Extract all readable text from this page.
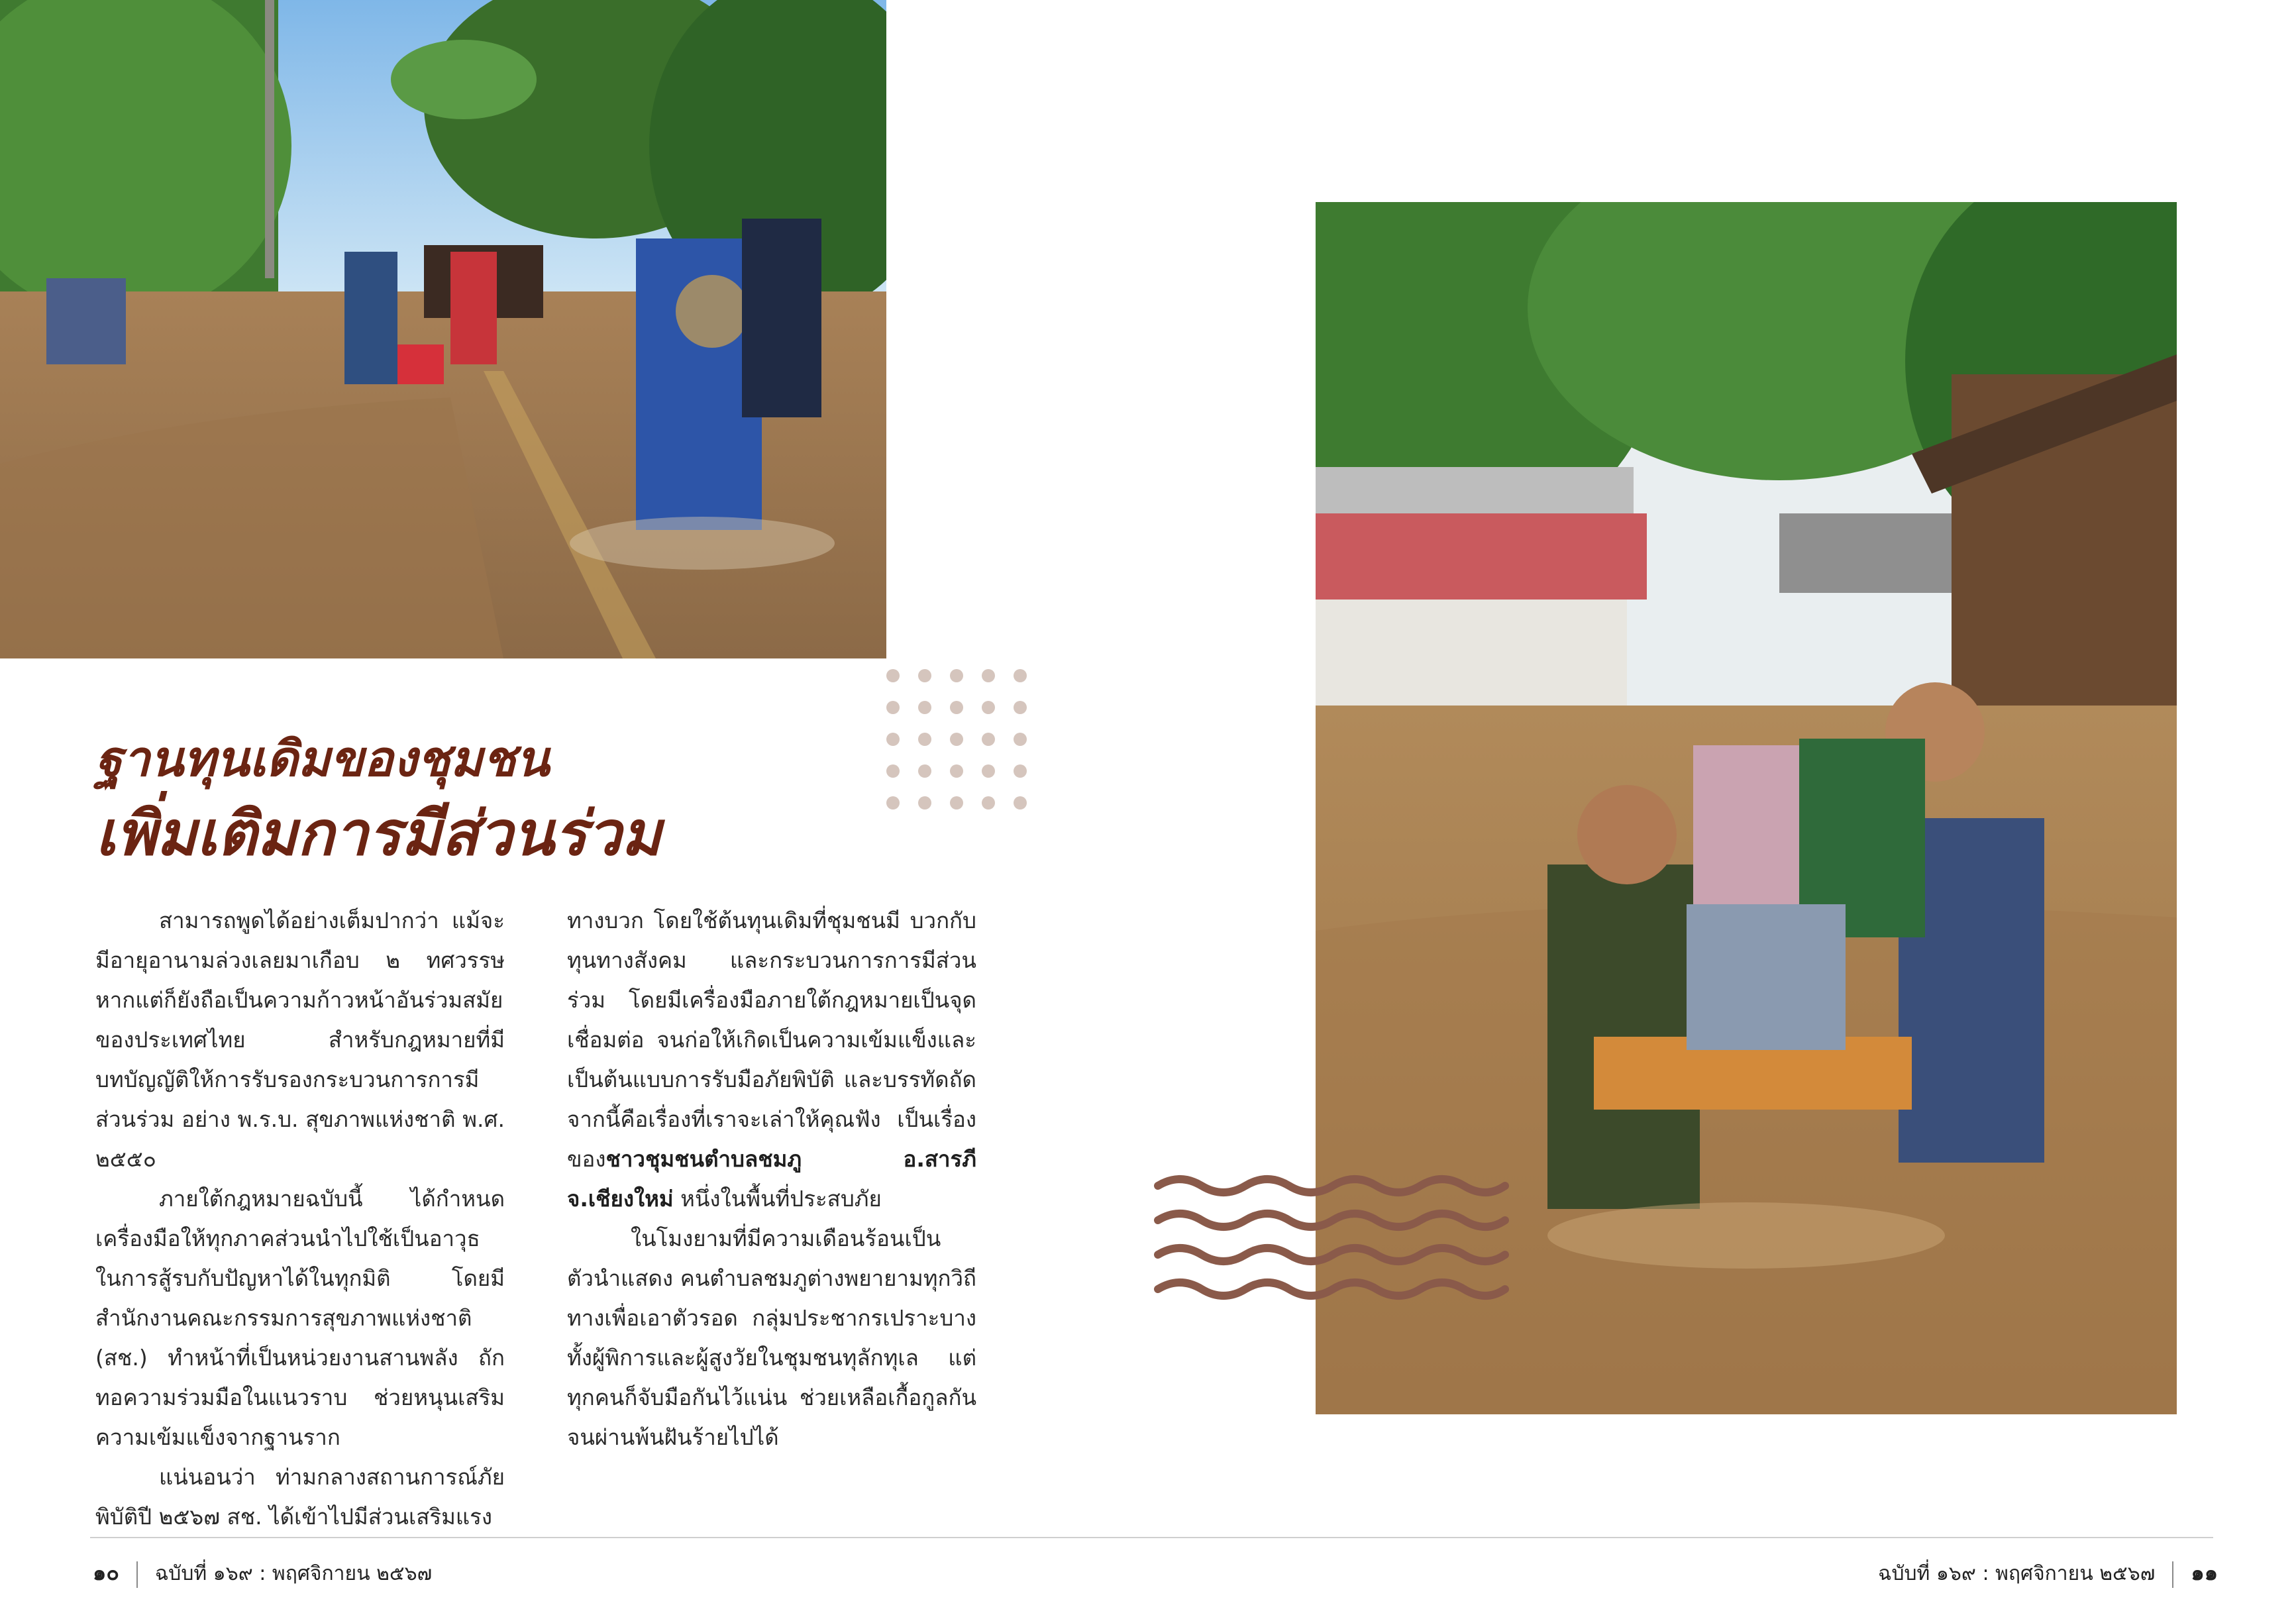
ฐานทุนเดิมของชุมชน
เพิ่มเติมการมีส่วนร่วม

สามารถพูดได้อย่างเต็มปากว่า แม้จะมีอายุอานามล่วงเลยมาเกือบ ๒ ทศวรรษ หากแต่ก็ยังถือเป็นความก้าวหน้าอันร่วมสมัยของประเทศไทย สำหรับกฎหมายที่มีบทบัญญัติให้การรับรองกระบวนการการมีส่วนร่วม อย่าง พ.ร.บ. สุขภาพแห่งชาติ พ.ศ. ๒๕๕๐

ภายใต้กฎหมายฉบับนี้ ได้กำหนดเครื่องมือให้ทุกภาคส่วนนำไปใช้เป็นอาวุธในการสู้รบกับปัญหาได้ในทุกมิติ โดยมี สำนักงานคณะกรรมการสุขภาพแห่งชาติ (สช.) ทำหน้าที่เป็นหน่วยงานสานพลัง ถักทอความร่วมมือในแนวราบ ช่วยหนุนเสริมความเข้มแข็งจากฐานราก

แน่นอนว่า ท่ามกลางสถานการณ์ภัยพิบัติปี ๒๕๖๗ สช. ได้เข้าไปมีส่วนเสริมแรง

ทางบวก โดยใช้ต้นทุนเดิมที่ชุมชนมี บวกกับทุนทางสังคม และกระบวนการการมีส่วนร่วม โดยมีเครื่องมือภายใต้กฎหมายเป็นจุดเชื่อมต่อ จนก่อให้เกิดเป็นความเข้มแข็งและเป็นต้นแบบการรับมือภัยพิบัติ และบรรทัดถัดจากนี้คือเรื่องที่เราจะเล่าให้คุณฟัง เป็นเรื่องของชาวชุมชนตำบลชมภู อ.สารภี จ.เชียงใหม่ หนึ่งในพื้นที่ประสบภัย

ในโมงยามที่มีความเดือนร้อนเป็นตัวนำแสดง คนตำบลชมภูต่างพยายามทุกวิถีทางเพื่อเอาตัวรอด กลุ่มประชากรเปราะบางทั้งผู้พิการและผู้สูงวัยในชุมชนทุลักทุเล แต่ทุกคนก็จับมือกันไว้แน่น ช่วยเหลือเกื้อกูลกันจนผ่านพ้นฝันร้ายไปได้

๑๐ ฉบับที่ ๑๖๙ : พฤศจิกายน ๒๕๖๗	ฉบับที่ ๑๖๙ : พฤศจิกายน ๒๕๖๗ ๑๑
